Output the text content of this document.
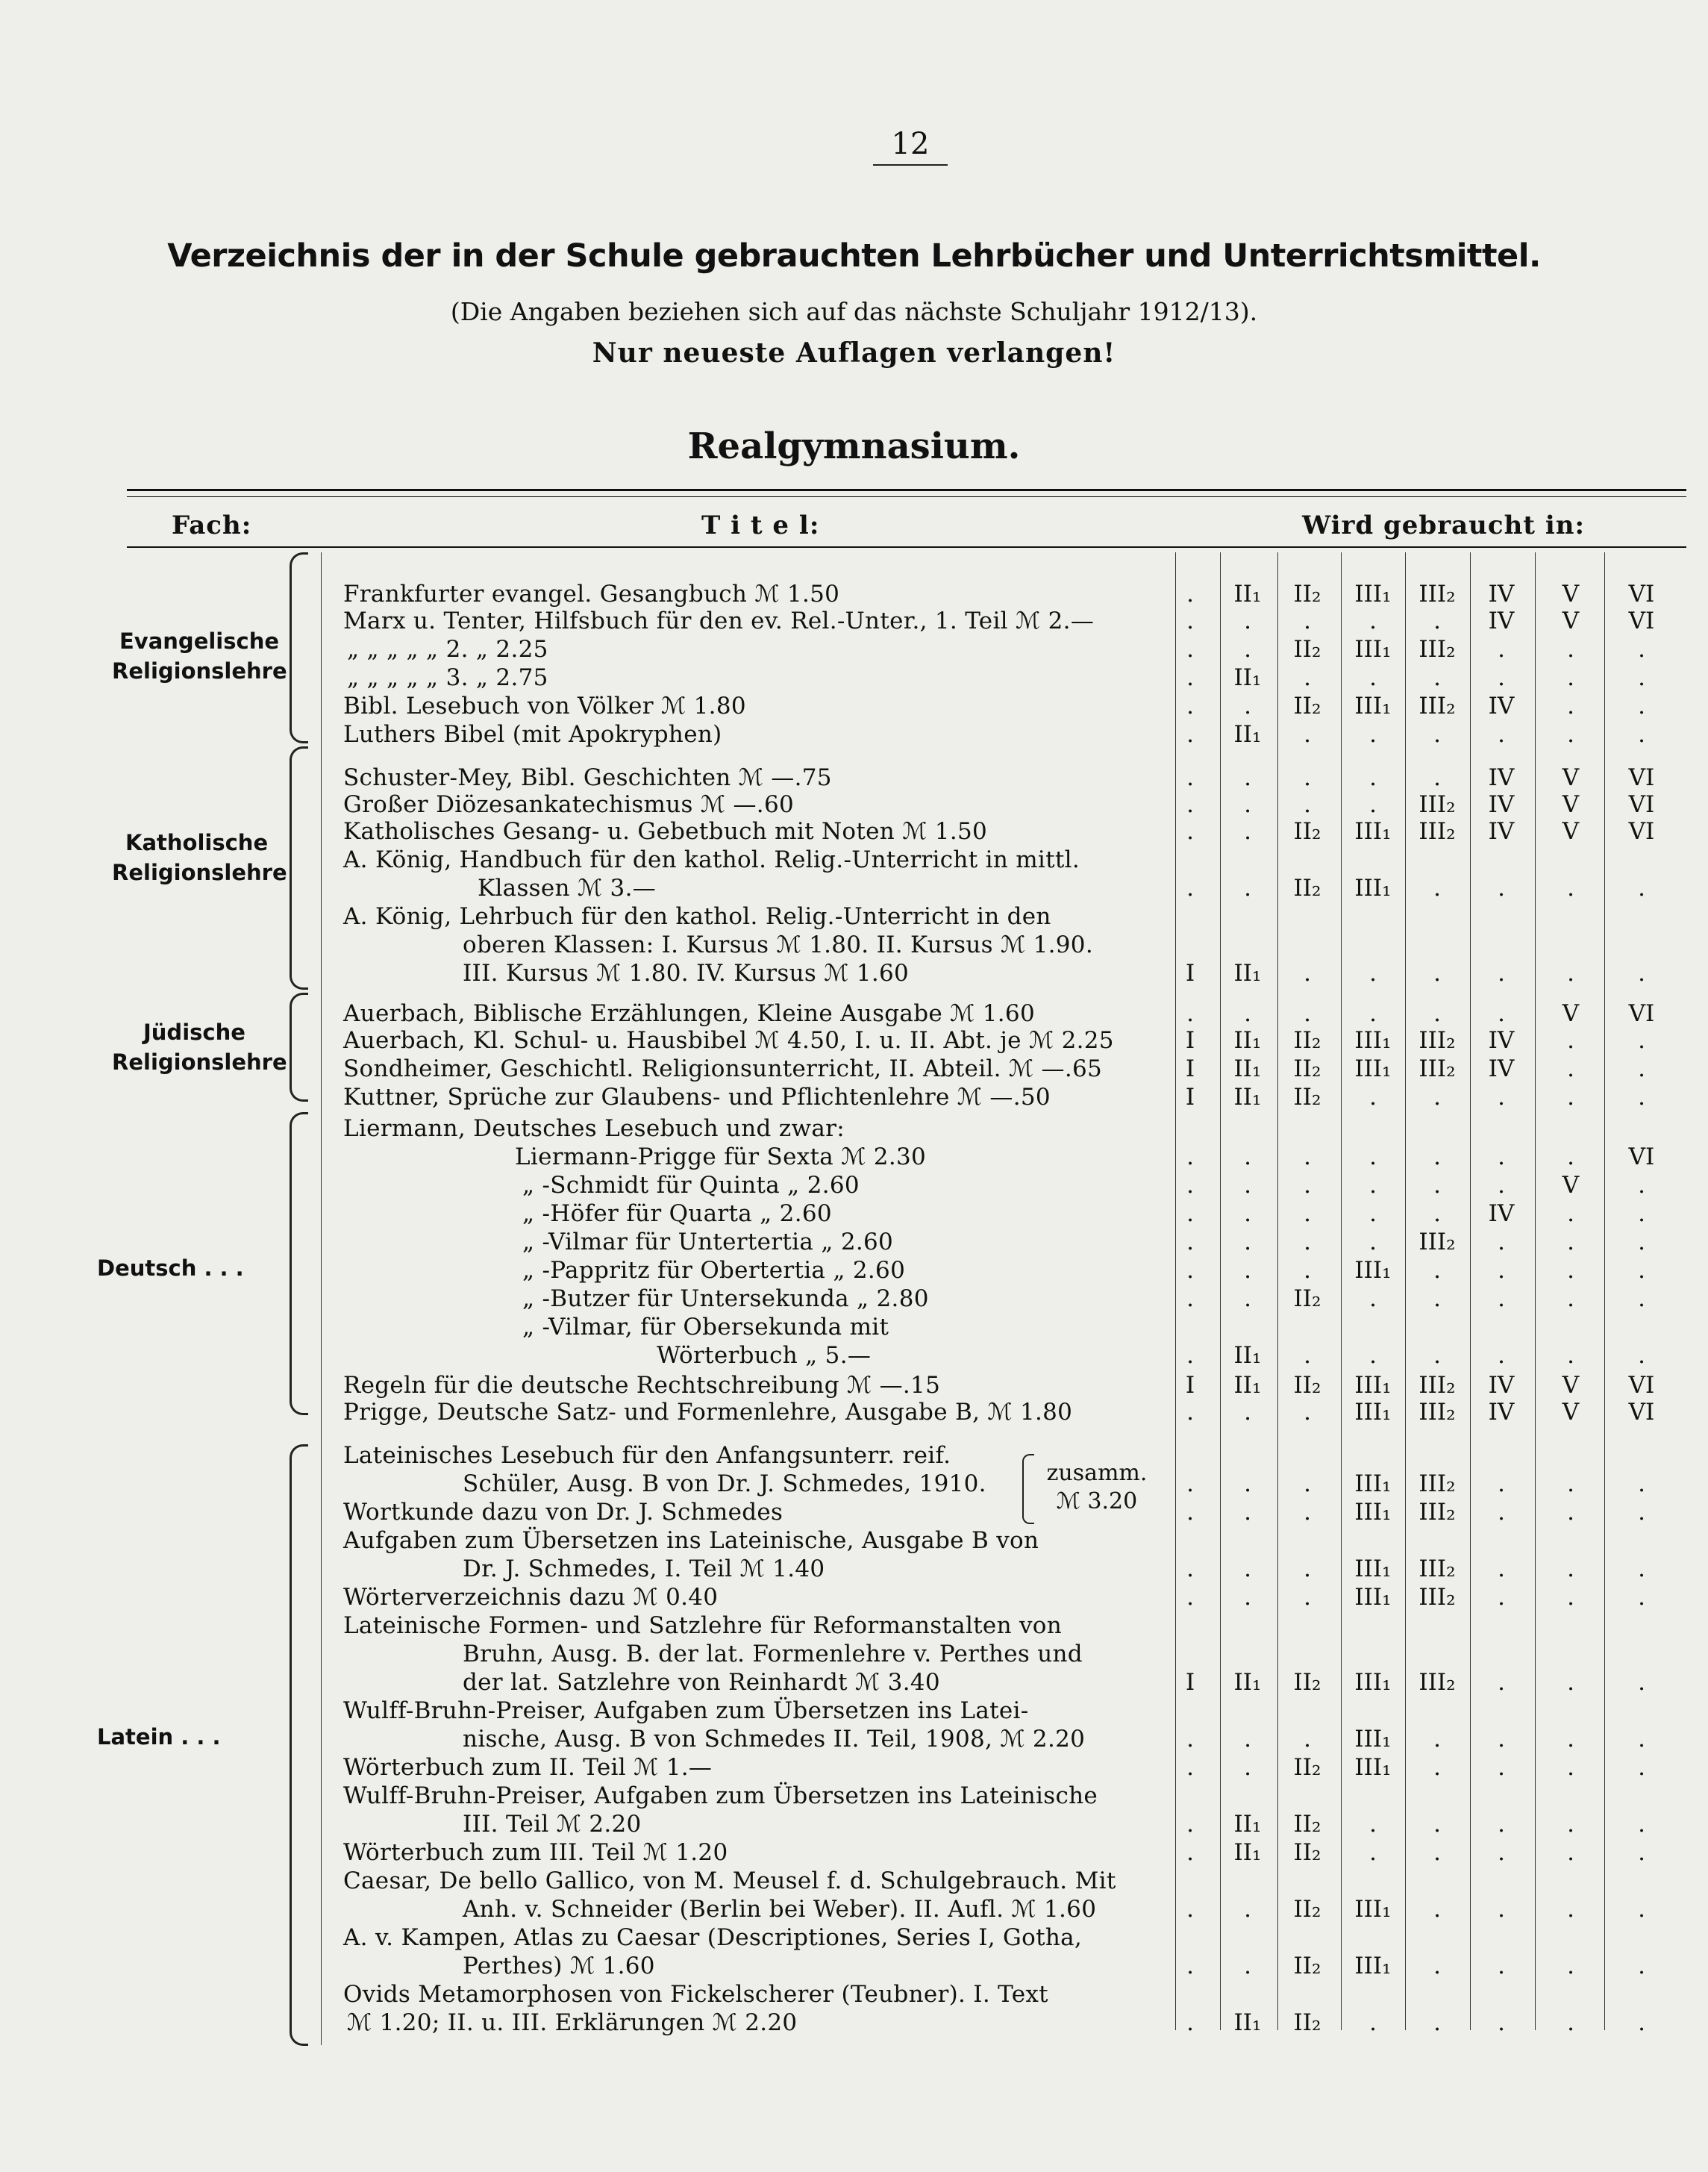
12
Verzeichnis der in der Schule gebrauchten Lehrbücher und Unterrichtsmittel.
(Die Angaben beziehen sich auf das nächste Schuljahr 1912/13).
Nur neueste Auflagen verlangen!
Realgymnasium.
Fach:	T i t e l:	Wird gebraucht in:
Evangelische
Religionslehre
Katholische
Religionslehre
Jüdische
Religionslehre
Deutsch . . .
Latein . . .
zusamm.
ℳ 3.20
Frankfurter evangel. Gesangbuch ℳ 1.50	.	II₁	II₂	III₁	III₂	IV	V	VI
Marx u. Tenter, Hilfsbuch für den ev. Rel.-Unter., 1. Teil ℳ 2.—	.	.	.	.	.	IV	V	VI
„ „ „ „ „ 2. „ 2.25	.	.	II₂	III₁	III₂	.	.	.
„ „ „ „ „ 3. „ 2.75	.	II₁	.	.	.	.	.	.
Bibl. Lesebuch von Völker ℳ 1.80	.	.	II₂	III₁	III₂	IV	.	.
Luthers Bibel (mit Apokryphen)	.	II₁	.	.	.	.	.	.
Schuster-Mey, Bibl. Geschichten ℳ —.75	.	.	.	.	.	IV	V	VI
Großer Diözesankatechismus ℳ —.60	.	.	.	.	III₂	IV	V	VI
Katholisches Gesang- u. Gebetbuch mit Noten ℳ 1.50	.	.	II₂	III₁	III₂	IV	V	VI
A. König, Handbuch für den kathol. Relig.-Unterricht in mittl.
Klassen ℳ 3.—	.	.	II₂	III₁	.	.	.	.
A. König, Lehrbuch für den kathol. Relig.-Unterricht in den
oberen Klassen: I. Kursus ℳ 1.80. II. Kursus ℳ 1.90.
III. Kursus ℳ 1.80. IV. Kursus ℳ 1.60	I	II₁	.	.	.	.	.	.
Auerbach, Biblische Erzählungen, Kleine Ausgabe ℳ 1.60	.	.	.	.	.	.	V	VI
Auerbach, Kl. Schul- u. Hausbibel ℳ 4.50, I. u. II. Abt. je ℳ 2.25	I	II₁	II₂	III₁	III₂	IV	.	.
Sondheimer, Geschichtl. Religionsunterricht, II. Abteil. ℳ —.65	I	II₁	II₂	III₁	III₂	IV	.	.
Kuttner, Sprüche zur Glaubens- und Pflichtenlehre ℳ —.50	I	II₁	II₂	.	.	.	.	.
Liermann, Deutsches Lesebuch und zwar:
Liermann-Prigge für Sexta ℳ 2.30	.	.	.	.	.	.	.	VI
„ -Schmidt für Quinta „ 2.60	.	.	.	.	.	.	V	.
„ -Höfer für Quarta „ 2.60	.	.	.	.	.	IV	.	.
„ -Vilmar für Untertertia „ 2.60	.	.	.	.	III₂	.	.	.
„ -Pappritz für Obertertia „ 2.60	.	.	.	III₁	.	.	.	.
„ -Butzer für Untersekunda „ 2.80	.	.	II₂	.	.	.	.	.
„ -Vilmar, für Obersekunda mit
Wörterbuch „ 5.—	.	II₁	.	.	.	.	.	.
Regeln für die deutsche Rechtschreibung ℳ —.15	I	II₁	II₂	III₁	III₂	IV	V	VI
Prigge, Deutsche Satz- und Formenlehre, Ausgabe B, ℳ 1.80	.	.	.	III₁	III₂	IV	V	VI
Lateinisches Lesebuch für den Anfangsunterr. reif.
Schüler, Ausg. B von Dr. J. Schmedes, 1910.	.	.	.	III₁	III₂	.	.	.
Wortkunde dazu von Dr. J. Schmedes	.	.	.	III₁	III₂	.	.	.
Aufgaben zum Übersetzen ins Lateinische, Ausgabe B von
Dr. J. Schmedes, I. Teil ℳ 1.40	.	.	.	III₁	III₂	.	.	.
Wörterverzeichnis dazu ℳ 0.40	.	.	.	III₁	III₂	.	.	.
Lateinische Formen- und Satzlehre für Reformanstalten von
Bruhn, Ausg. B. der lat. Formenlehre v. Perthes und
der lat. Satzlehre von Reinhardt ℳ 3.40	I	II₁	II₂	III₁	III₂	.	.	.
Wulff-Bruhn-Preiser, Aufgaben zum Übersetzen ins Latei-
nische, Ausg. B von Schmedes II. Teil, 1908, ℳ 2.20	.	.	.	III₁	.	.	.	.
Wörterbuch zum II. Teil ℳ 1.—	.	.	II₂	III₁	.	.	.	.
Wulff-Bruhn-Preiser, Aufgaben zum Übersetzen ins Lateinische
III. Teil ℳ 2.20	.	II₁	II₂	.	.	.	.	.
Wörterbuch zum III. Teil ℳ 1.20	.	II₁	II₂	.	.	.	.	.
Caesar, De bello Gallico, von M. Meusel f. d. Schulgebrauch. Mit
Anh. v. Schneider (Berlin bei Weber). II. Aufl. ℳ 1.60	.	.	II₂	III₁	.	.	.	.
A. v. Kampen, Atlas zu Caesar (Descriptiones, Series I, Gotha,
Perthes) ℳ 1.60	.	.	II₂	III₁	.	.	.	.
Ovids Metamorphosen von Fickelscherer (Teubner). I. Text
ℳ 1.20; II. u. III. Erklärungen ℳ 2.20	.	II₁	II₂	.	.	.	.	.
